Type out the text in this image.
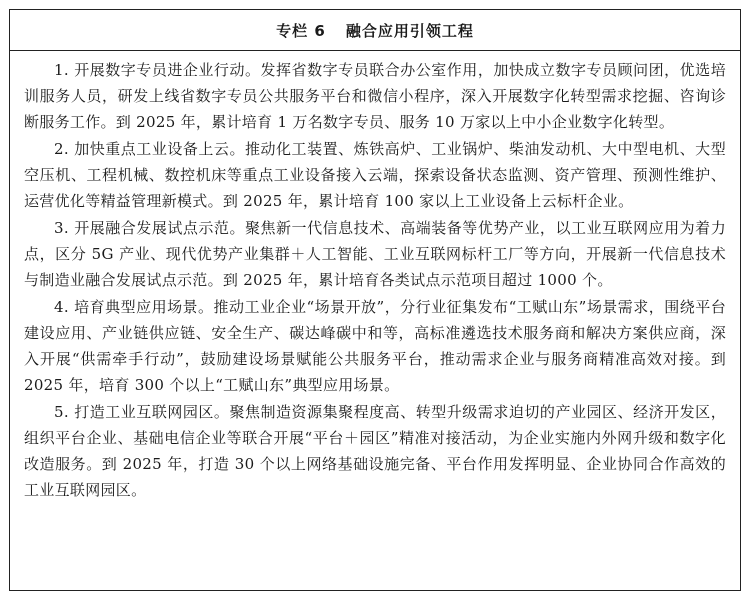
专栏 6 融合应用引领工程

1. 开展数字专员进企业行动。发挥省数字专员联合办公室作用，加快成立数字专员顾问团，优选培训服务人员，研发上线省数字专员公共服务平台和微信小程序，深入开展数字化转型需求挖掘、咨询诊断服务工作。到 2025 年，累计培育 1 万名数字专员、服务 10 万家以上中小企业数字化转型。

2. 加快重点工业设备上云。推动化工装置、炼铁高炉、工业锅炉、柴油发动机、大中型电机、大型空压机、工程机械、数控机床等重点工业设备接入云端，探索设备状态监测、资产管理、预测性维护、运营优化等精益管理新模式。到 2025 年，累计培育 100 家以上工业设备上云标杆企业。

3. 开展融合发展试点示范。聚焦新一代信息技术、高端装备等优势产业，以工业互联网应用为着力点，区分 5G 产业、现代优势产业集群＋人工智能、工业互联网标杆工厂等方向，开展新一代信息技术与制造业融合发展试点示范。到 2025 年，累计培育各类试点示范项目超过 1000 个。

4. 培育典型应用场景。推动工业企业“场景开放”，分行业征集发布“工赋山东”场景需求，围绕平台建设应用、产业链供应链、安全生产、碳达峰碳中和等，高标准遴选技术服务商和解决方案供应商，深入开展“供需牵手行动”，鼓励建设场景赋能公共服务平台，推动需求企业与服务商精准高效对接。到 2025 年，培育 300 个以上“工赋山东”典型应用场景。

5. 打造工业互联网园区。聚焦制造资源集聚程度高、转型升级需求迫切的产业园区、经济开发区，组织平台企业、基础电信企业等联合开展“平台＋园区”精准对接活动，为企业实施内外网升级和数字化改造服务。到 2025 年，打造 30 个以上网络基础设施完备、平台作用发挥明显、企业协同合作高效的工业互联网园区。
